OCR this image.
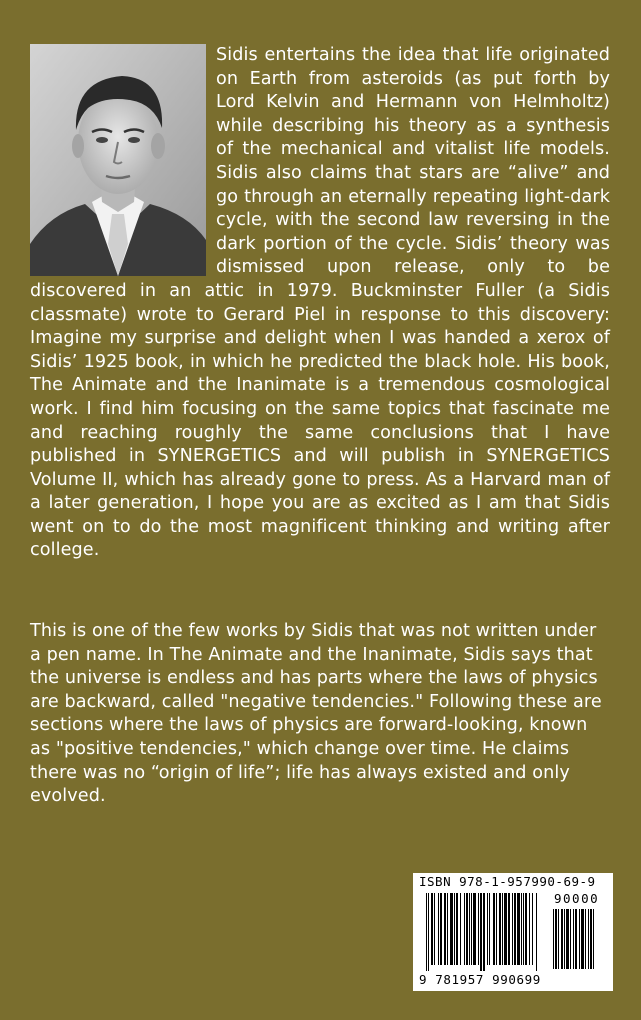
Sidis entertains the idea that life originated on Earth from asteroids (as put forth by Lord Kelvin and Hermann von Helmholtz) while describing his theory as a synthesis of the mechanical and vitalist life models. Sidis also claims that stars are “alive” and go through an eternally repeating light-dark cycle, with the second law reversing in the dark portion of the cycle. Sidis’ theory was dismissed upon release, only to be discovered in an attic in 1979. Buckminster Fuller (a Sidis classmate) wrote to Gerard Piel in response to this discovery: Imagine my surprise and delight when I was handed a xerox of Sidis’ 1925 book, in which he predicted the black hole. His book, The Animate and the Inanimate is a tremendous cosmological work. I find him focusing on the same topics that fascinate me and reaching roughly the same conclusions that I have published in SYNERGETICS and will publish in SYNERGETICS Volume II, which has already gone to press. As a Harvard man of a later generation, I hope you are as excited as I am that Sidis went on to do the most magnificent thinking and writing after college.
This is one of the few works by Sidis that was not written under a pen name. In The Animate and the Inanimate, Sidis says that the universe is endless and has parts where the laws of physics are backward, called "negative tendencies." Following these are sections where the laws of physics are forward-looking, known as "positive tendencies," which change over time. He claims there was no “origin of life”; life has always existed and only evolved.
ISBN 978-1-957990-69-9
90000
9 781957 990699
